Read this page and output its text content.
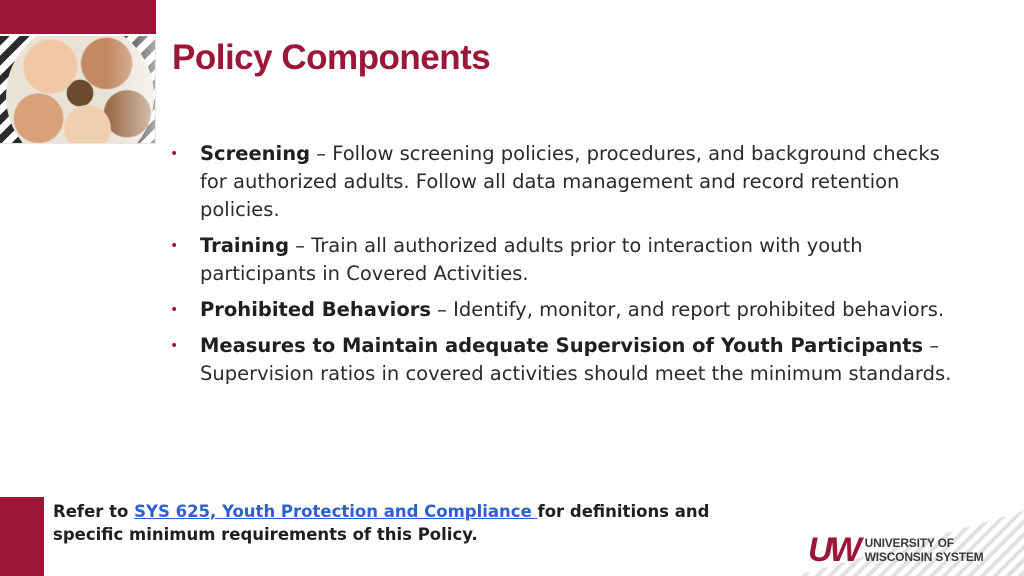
Policy Components
•	Screening – Follow screening policies, procedures, and background checks for authorized adults. Follow all data management and record retention policies.
•	Training – Train all authorized adults prior to interaction with youth participants in Covered Activities.
•	Prohibited Behaviors – Identify, monitor, and report prohibited behaviors.
•	Measures to Maintain adequate Supervision of Youth Participants – Supervision ratios in covered activities should meet the minimum standards.
Refer to SYS 625, Youth Protection and Compliance for definitions and specific minimum requirements of this Policy.	UW UNIVERSITY OF
WISCONSIN SYSTEM
